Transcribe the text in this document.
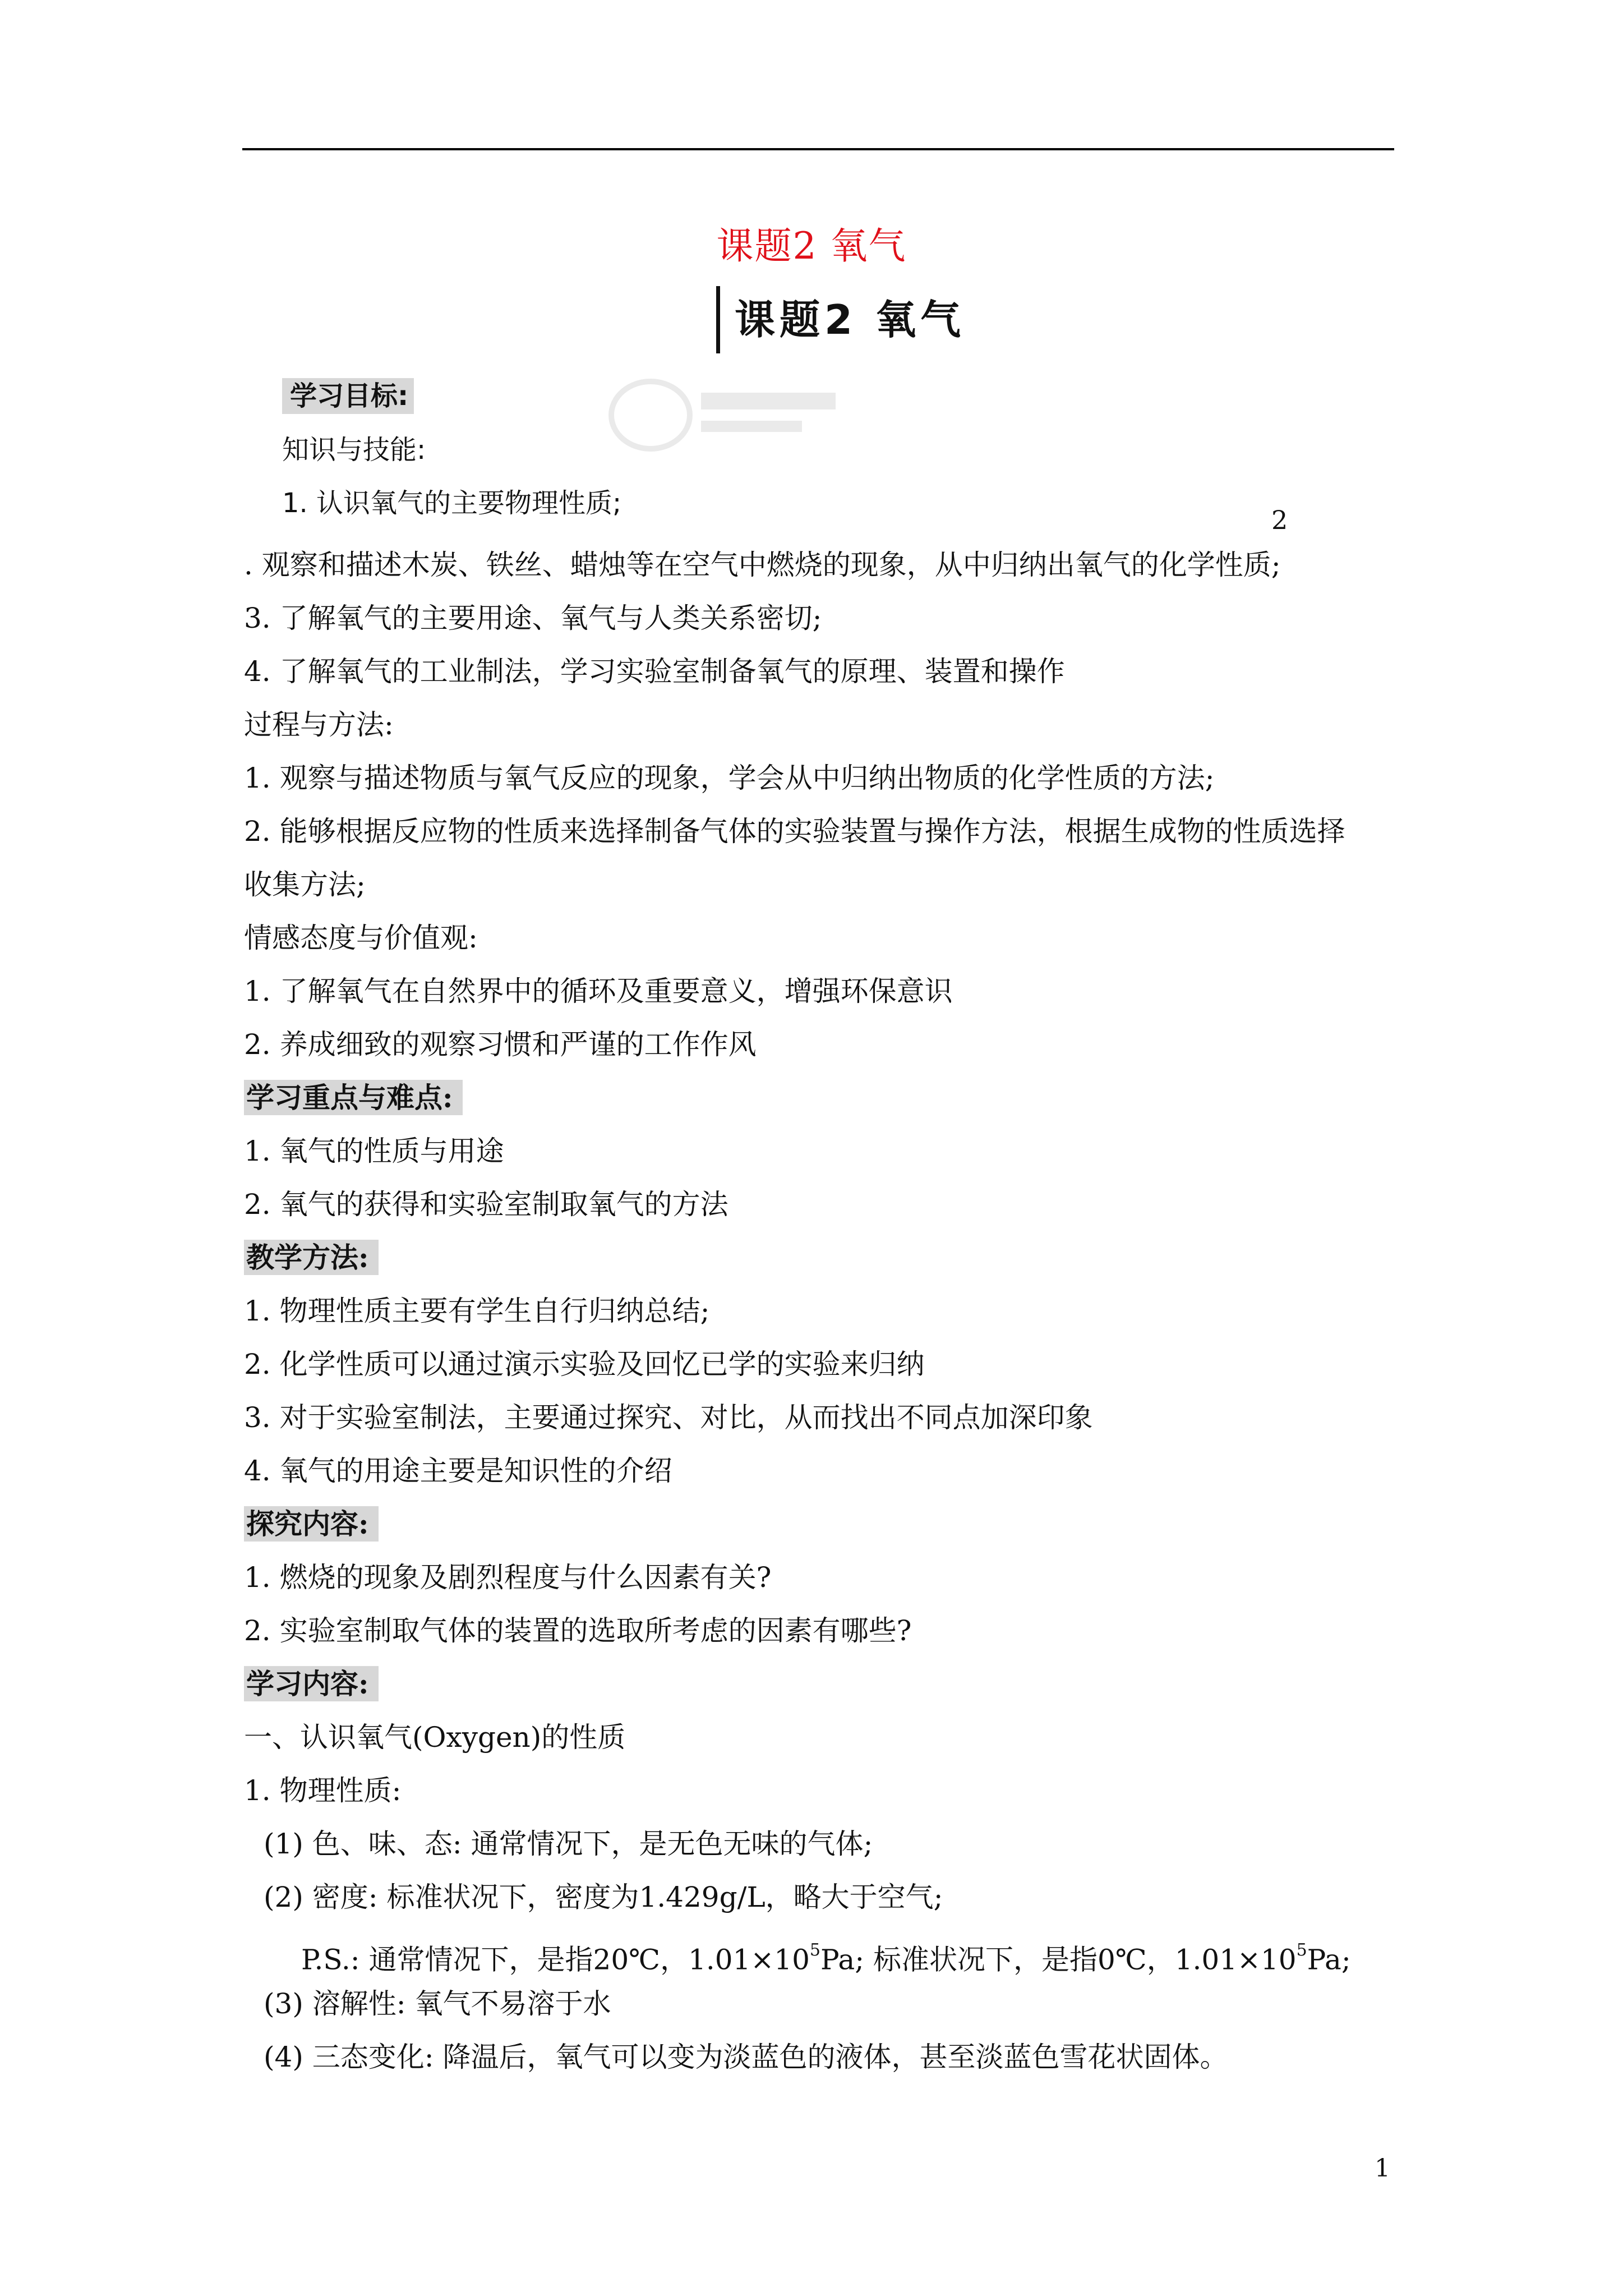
课题2 氧气
课题2 氧气
学习目标:
知识与技能:
1. 认识氧气的主要物理性质;
2
. 观察和描述木炭、铁丝、蜡烛等在空气中燃烧的现象，从中归纳出氧气的化学性质;
3. 了解氧气的主要用途、氧气与人类关系密切;
4. 了解氧气的工业制法，学习实验室制备氧气的原理、装置和操作
过程与方法:
1. 观察与描述物质与氧气反应的现象，学会从中归纳出物质的化学性质的方法;
2. 能够根据反应物的性质来选择制备气体的实验装置与操作方法，根据生成物的性质选择
收集方法;
情感态度与价值观:
1. 了解氧气在自然界中的循环及重要意义，增强环保意识
2. 养成细致的观察习惯和严谨的工作作风
学习重点与难点:
1. 氧气的性质与用途
2. 氧气的获得和实验室制取氧气的方法
教学方法:
1. 物理性质主要有学生自行归纳总结;
2. 化学性质可以通过演示实验及回忆已学的实验来归纳
3. 对于实验室制法，主要通过探究、对比，从而找出不同点加深印象
4. 氧气的用途主要是知识性的介绍
探究内容:
1. 燃烧的现象及剧烈程度与什么因素有关?
2. 实验室制取气体的装置的选取所考虑的因素有哪些?
学习内容:
一、认识氧气(Oxygen)的性质
1. 物理性质:
(1) 色、味、态: 通常情况下，是无色无味的气体;
(2) 密度: 标准状况下，密度为1.429g/L，略大于空气;
P.S.: 通常情况下，是指20℃，$1.01\times 10^5Pa$; 标准状况下，是指0℃，$1.01\times 10^5Pa$;
(3) 溶解性: 氧气不易溶于水
(4) 三态变化: 降温后，氧气可以变为淡蓝色的液体，甚至淡蓝色雪花状固体。
1
